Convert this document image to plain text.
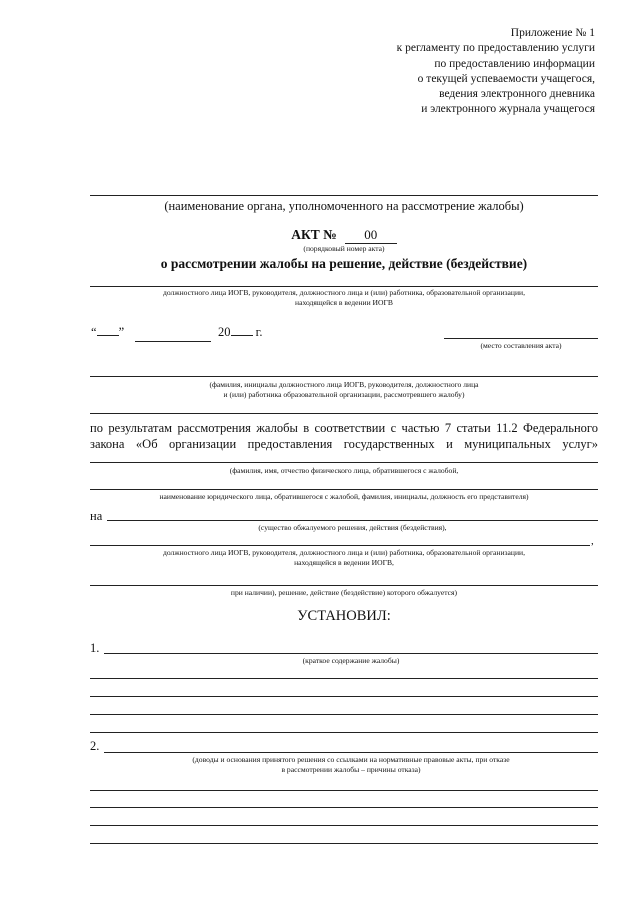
Приложение № 1
к регламенту по предоставлению услуги
по предоставлению информации
о текущей успеваемости учащегося,
ведения электронного дневника
и электронного журнала учащегося
(наименование органа, уполномоченного на рассмотрение жалобы)
АКТ № 00
(порядковый номер акта)
о рассмотрении жалобы на решение, действие (бездействие)
должностного лица ИОГВ, руководителя, должностного лица и (или) работника, образовательной организации,
находящейся в ведении ИОГВ
“ ”	20 г.
(место составления акта)
(фамилия, инициалы должностного лица ИОГВ, руководителя, должностного лица
и (или) работника образовательной организации, рассмотревшего жалобу)
по результатам рассмотрения жалобы в соответствии с частью 7 статьи 11.2 Федерального
закона «Об организации предоставления государственных и муниципальных услуг»
(фамилия, имя, отчество физического лица, обратившегося с жалобой,
наименование юридического лица, обратившегося с жалобой, фамилия, инициалы, должность его представителя)
на
(существо обжалуемого решения, действия (бездействия),
,
должностного лица ИОГВ, руководителя, должностного лица и (или) работника, образовательной организации,
находящейся в ведении ИОГВ,
при наличии), решение, действие (бездействие) которого обжалуется)
УСТАНОВИЛ:
1.
(краткое содержание жалобы)
2.
(доводы и основания принятого решения со ссылками на нормативные правовые акты, при отказе
в рассмотрении жалобы – причины отказа)
